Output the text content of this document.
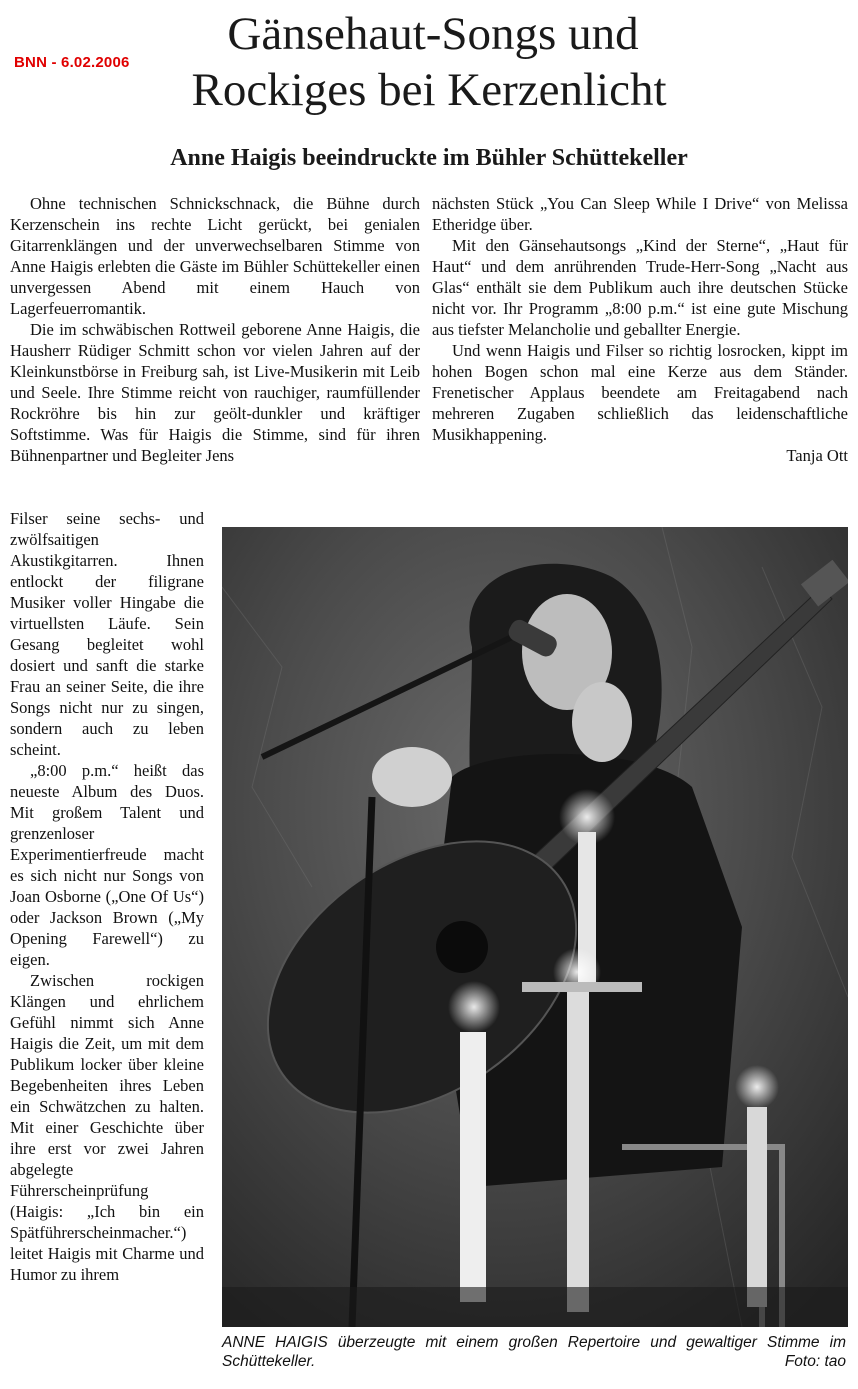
BNN - 6.02.2006
Gänsehaut-Songs und
Rockiges bei Kerzenlicht
Anne Haigis beeindruckte im Bühler Schüttekeller

Ohne technischen Schnickschnack, die Bühne durch Kerzenschein ins rechte Licht gerückt, bei genialen Gitarrenklängen und der unverwechselbaren Stimme von Anne Haigis erlebten die Gäste im Bühler Schüttekeller einen unvergessen Abend mit einem Hauch von Lagerfeuerromantik.

Die im schwäbischen Rottweil geborene Anne Haigis, die Hausherr Rüdiger Schmitt schon vor vielen Jahren auf der Kleinkunstbörse in Freiburg sah, ist Live-Musikerin mit Leib und Seele. Ihre Stimme reicht von rauchiger, raumfüllender Rockröhre bis hin zur geölt-dunkler und kräftiger Softstimme. Was für Haigis die Stimme, sind für ihren Bühnenpartner und Begleiter Jens

Filser seine sechs- und zwölfsaitigen Akustikgitarren. Ihnen entlockt der filigrane Musiker voller Hingabe die virtuellsten Läufe. Sein Gesang begleitet wohl dosiert und sanft die starke Frau an seiner Seite, die ihre Songs nicht nur zu singen, sondern auch zu leben scheint.

„8:00 p.m.“ heißt das neueste Album des Duos. Mit großem Talent und grenzenloser Experimentierfreude macht es sich nicht nur Songs von Joan Osborne („One Of Us“) oder Jackson Brown („My Opening Farewell“) zu eigen.

Zwischen rockigen Klängen und ehrlichem Gefühl nimmt sich Anne Haigis die Zeit, um mit dem Publikum locker über kleine Begebenheiten ihres Leben ein Schwätzchen zu halten. Mit einer Geschichte über ihre erst vor zwei Jahren abgelegte Führerscheinprüfung (Haigis: „Ich bin ein Spätführerscheinmacher.“) leitet Haigis mit Charme und Humor zu ihrem

nächsten Stück „You Can Sleep While I Drive“ von Melissa Etheridge über.

Mit den Gänsehautsongs „Kind der Sterne“, „Haut für Haut“ und dem anrührenden Trude-Herr-Song „Nacht aus Glas“ enthält sie dem Publikum auch ihre deutschen Stücke nicht vor. Ihr Programm „8:00 p.m.“ ist eine gute Mischung aus tiefster Melancholie und geballter Energie.

Und wenn Haigis und Filser so richtig losrocken, kippt im hohen Bogen schon mal eine Kerze aus dem Ständer. Frenetischer Applaus beendete am Freitagabend nach mehreren Zugaben schließlich das leidenschaftliche Musikhappening.

Tanja Ott
ANNE HAIGIS überzeugte mit einem großen Repertoire und gewaltiger Stimme im Schüttekeller.	Foto: tao
